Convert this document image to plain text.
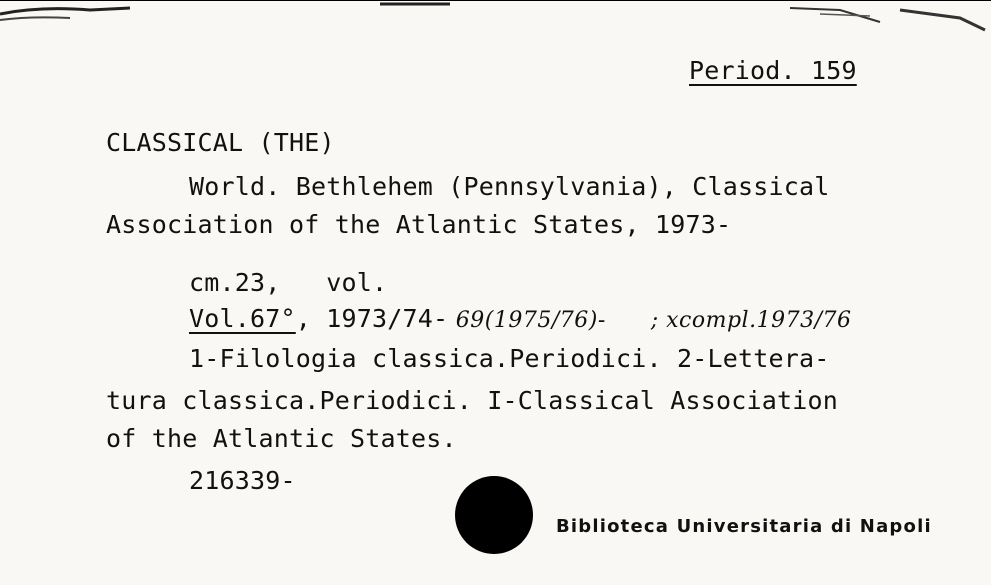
Period. 159
CLASSICAL (THE)
World. Bethlehem (Pennsylvania), Classical
Association of the Atlantic States, 1973-
cm.23,   vol.
Vol.67°, 1973/74- 69(1975/76)-      ; xcompl.1973/76
1-Filologia classica.Periodici. 2-Lettera-
tura classica.Periodici. I-Classical Association
of the Atlantic States.
216339-
Biblioteca Universitaria di Napoli
